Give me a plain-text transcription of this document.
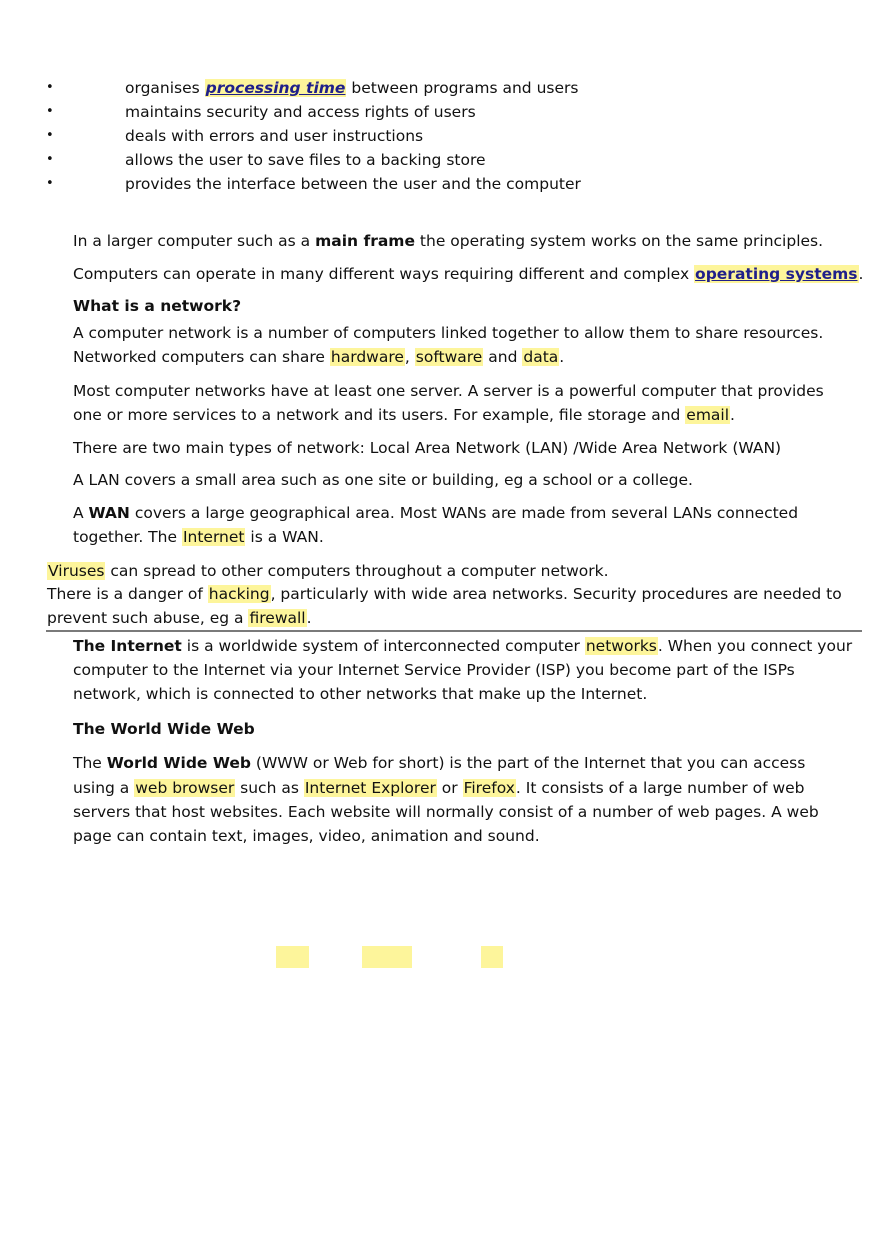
•	organises processing time between programs and users
•	maintains security and access rights of users
•	deals with errors and user instructions
•	allows the user to save files to a backing store
•	provides the interface between the user and the computer
In a larger computer such as a main frame the operating system works on the same principles.
Computers can operate in many different ways requiring different and complex operating systems.
What is a network?
A computer network is a number of computers linked together to allow them to share resources.
Networked computers can share hardware, software and data.
Most computer networks have at least one server. A server is a powerful computer that provides
one or more services to a network and its users. For example, file storage and email.
There are two main types of network: Local Area Network (LAN) /Wide Area Network (WAN)
A LAN covers a small area such as one site or building, eg a school or a college.
A WAN covers a large geographical area. Most WANs are made from several LANs connected
together. The Internet is a WAN.
Viruses can spread to other computers throughout a computer network.
There is a danger of hacking, particularly with wide area networks. Security procedures are needed to
prevent such abuse, eg a firewall.
The Internet is a worldwide system of interconnected computer networks. When you connect your
computer to the Internet via your Internet Service Provider (ISP) you become part of the ISPs
network, which is connected to other networks that make up the Internet.
The World Wide Web
The World Wide Web (WWW or Web for short) is the part of the Internet that you can access
using a web browser such as Internet Explorer or Firefox. It consists of a large number of web
servers that host websites. Each website will normally consist of a number of web pages. A web
page can contain text, images, video, animation and sound.
